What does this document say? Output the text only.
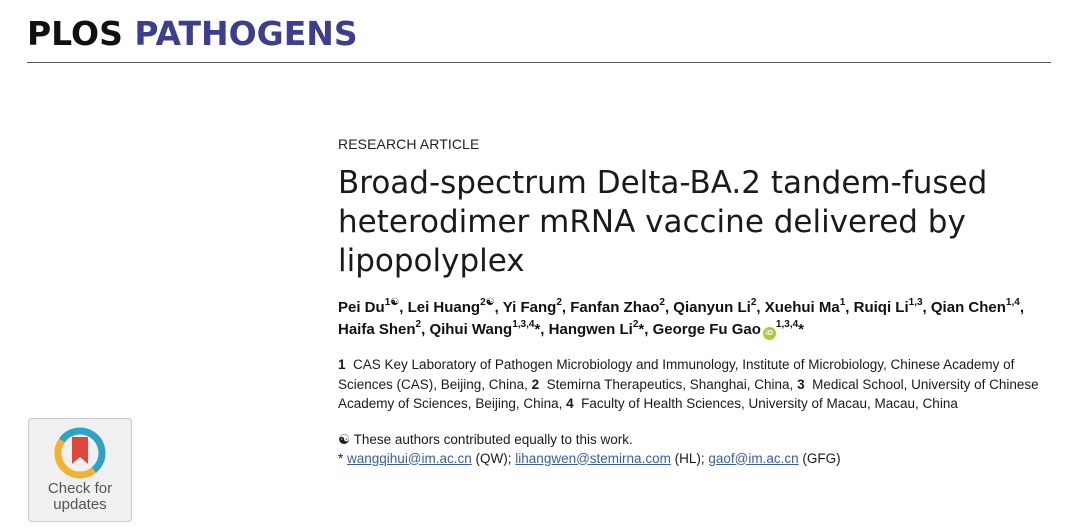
PLOS PATHOGENS
RESEARCH ARTICLE
Broad-spectrum Delta-BA.2 tandem-fused heterodimer mRNA vaccine delivered by lipopolyplex
Pei $Du^{1☯}$, Lei Huang$^{2☯}$, Yi Fang$^2$, Fanfan Zhao$^2$, Qianyun Li$^2$, Xuehui Ma$^1$, Ruiqi Li$^{1,3}$, Qian Chen$^{1,4}$, Haifa Shen$^2$, Qihui Wang$^{1,3,4}$*, Hangwen Li$^2$*, George Fu Gao iD$^{1,3,4}$*
1 CAS Key Laboratory of Pathogen Microbiology and Immunology, Institute of Microbiology, Chinese Academy of Sciences (CAS), Beijing, China, 2 Stemirna Therapeutics, Shanghai, China, 3 Medical School, University of Chinese Academy of Sciences, Beijing, China, 4 Faculty of Health Sciences, University of Macau, Macau, China
☯ These authors contributed equally to this work.
* wangqihui@im.ac.cn (QW); lihangwen@stemirna.com (HL); gaof@im.ac.cn (GFG)
Check for
updates
